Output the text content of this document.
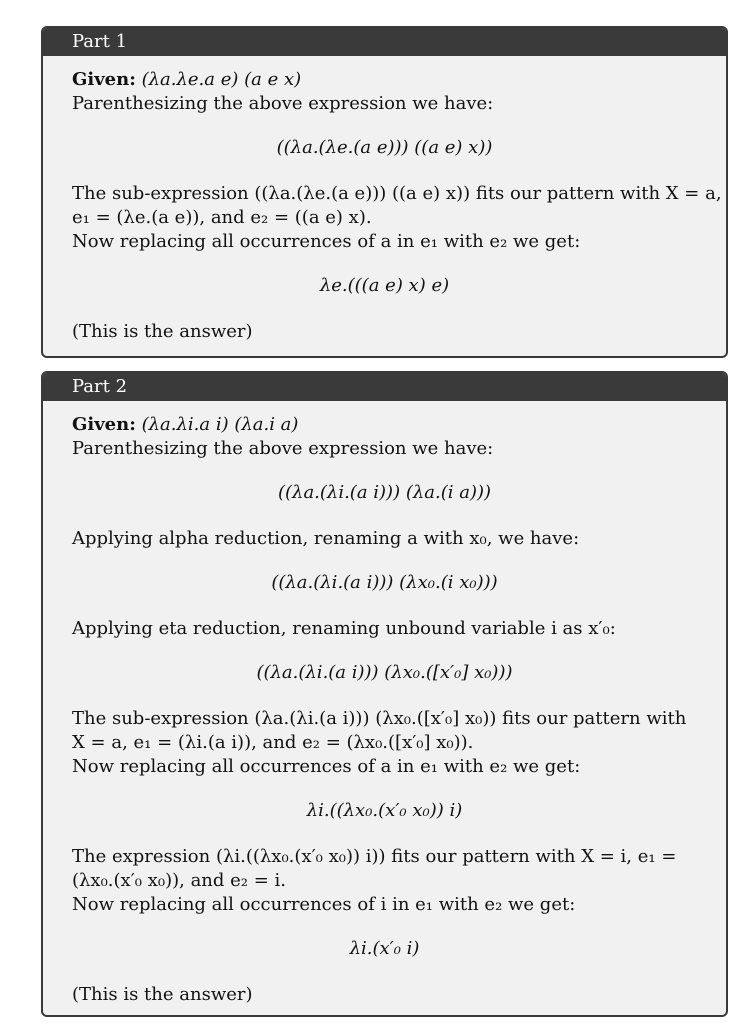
Part 1
Given: (λa.λe.a e) (a e x)
Parenthesizing the above expression we have:
((λa.(λe.(a e))) ((a e) x))
The sub-expression ((λa.(λe.(a e))) ((a e) x)) fits our pattern with X = a,
e₁ = (λe.(a e)), and e₂ = ((a e) x).
Now replacing all occurrences of a in e₁ with e₂ we get:
λe.(((a e) x) e)
(This is the answer)
Part 2
Given: (λa.λi.a i) (λa.i a)
Parenthesizing the above expression we have:
((λa.(λi.(a i))) (λa.(i a)))
Applying alpha reduction, renaming a with x₀, we have:
((λa.(λi.(a i))) (λx₀.(i x₀)))
Applying eta reduction, renaming unbound variable i as x′₀:
((λa.(λi.(a i))) (λx₀.([x′₀] x₀)))
The sub-expression (λa.(λi.(a i))) (λx₀.([x′₀] x₀)) fits our pattern with
X = a, e₁ = (λi.(a i)), and e₂ = (λx₀.([x′₀] x₀)).
Now replacing all occurrences of a in e₁ with e₂ we get:
λi.((λx₀.(x′₀ x₀)) i)
The expression (λi.((λx₀.(x′₀ x₀)) i)) fits our pattern with X = i, e₁ =
(λx₀.(x′₀ x₀)), and e₂ = i.
Now replacing all occurrences of i in e₁ with e₂ we get:
λi.(x′₀ i)
(This is the answer)
